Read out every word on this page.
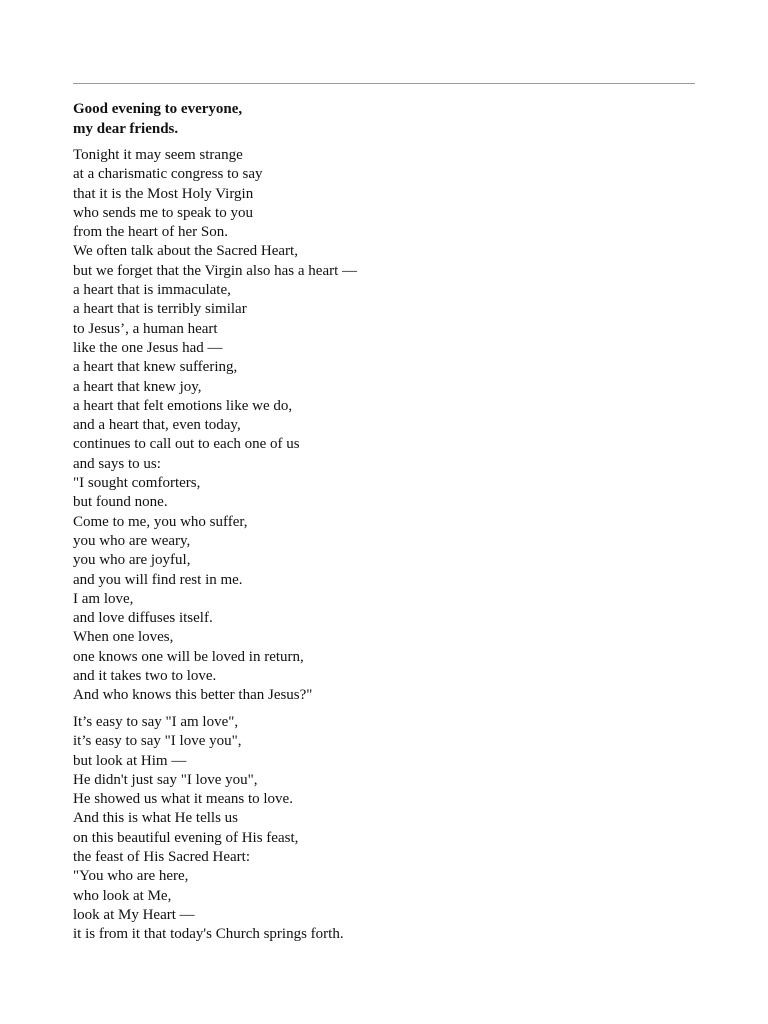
Good evening to everyone,
my dear friends.
Tonight it may seem strange
at a charismatic congress to say
that it is the Most Holy Virgin
who sends me to speak to you
from the heart of her Son.
We often talk about the Sacred Heart,
but we forget that the Virgin also has a heart —
a heart that is immaculate,
a heart that is terribly similar
to Jesus’, a human heart
like the one Jesus had —
a heart that knew suffering,
a heart that knew joy,
a heart that felt emotions like we do,
and a heart that, even today,
continues to call out to each one of us
and says to us:
"I sought comforters,
but found none.
Come to me, you who suffer,
you who are weary,
you who are joyful,
and you will find rest in me.
I am love,
and love diffuses itself.
When one loves,
one knows one will be loved in return,
and it takes two to love.
And who knows this better than Jesus?"
It’s easy to say "I am love",
it’s easy to say "I love you",
but look at Him —
He didn't just say "I love you",
He showed us what it means to love.
And this is what He tells us
on this beautiful evening of His feast,
the feast of His Sacred Heart:
"You who are here,
who look at Me,
look at My Heart —
it is from it that today's Church springs forth.
